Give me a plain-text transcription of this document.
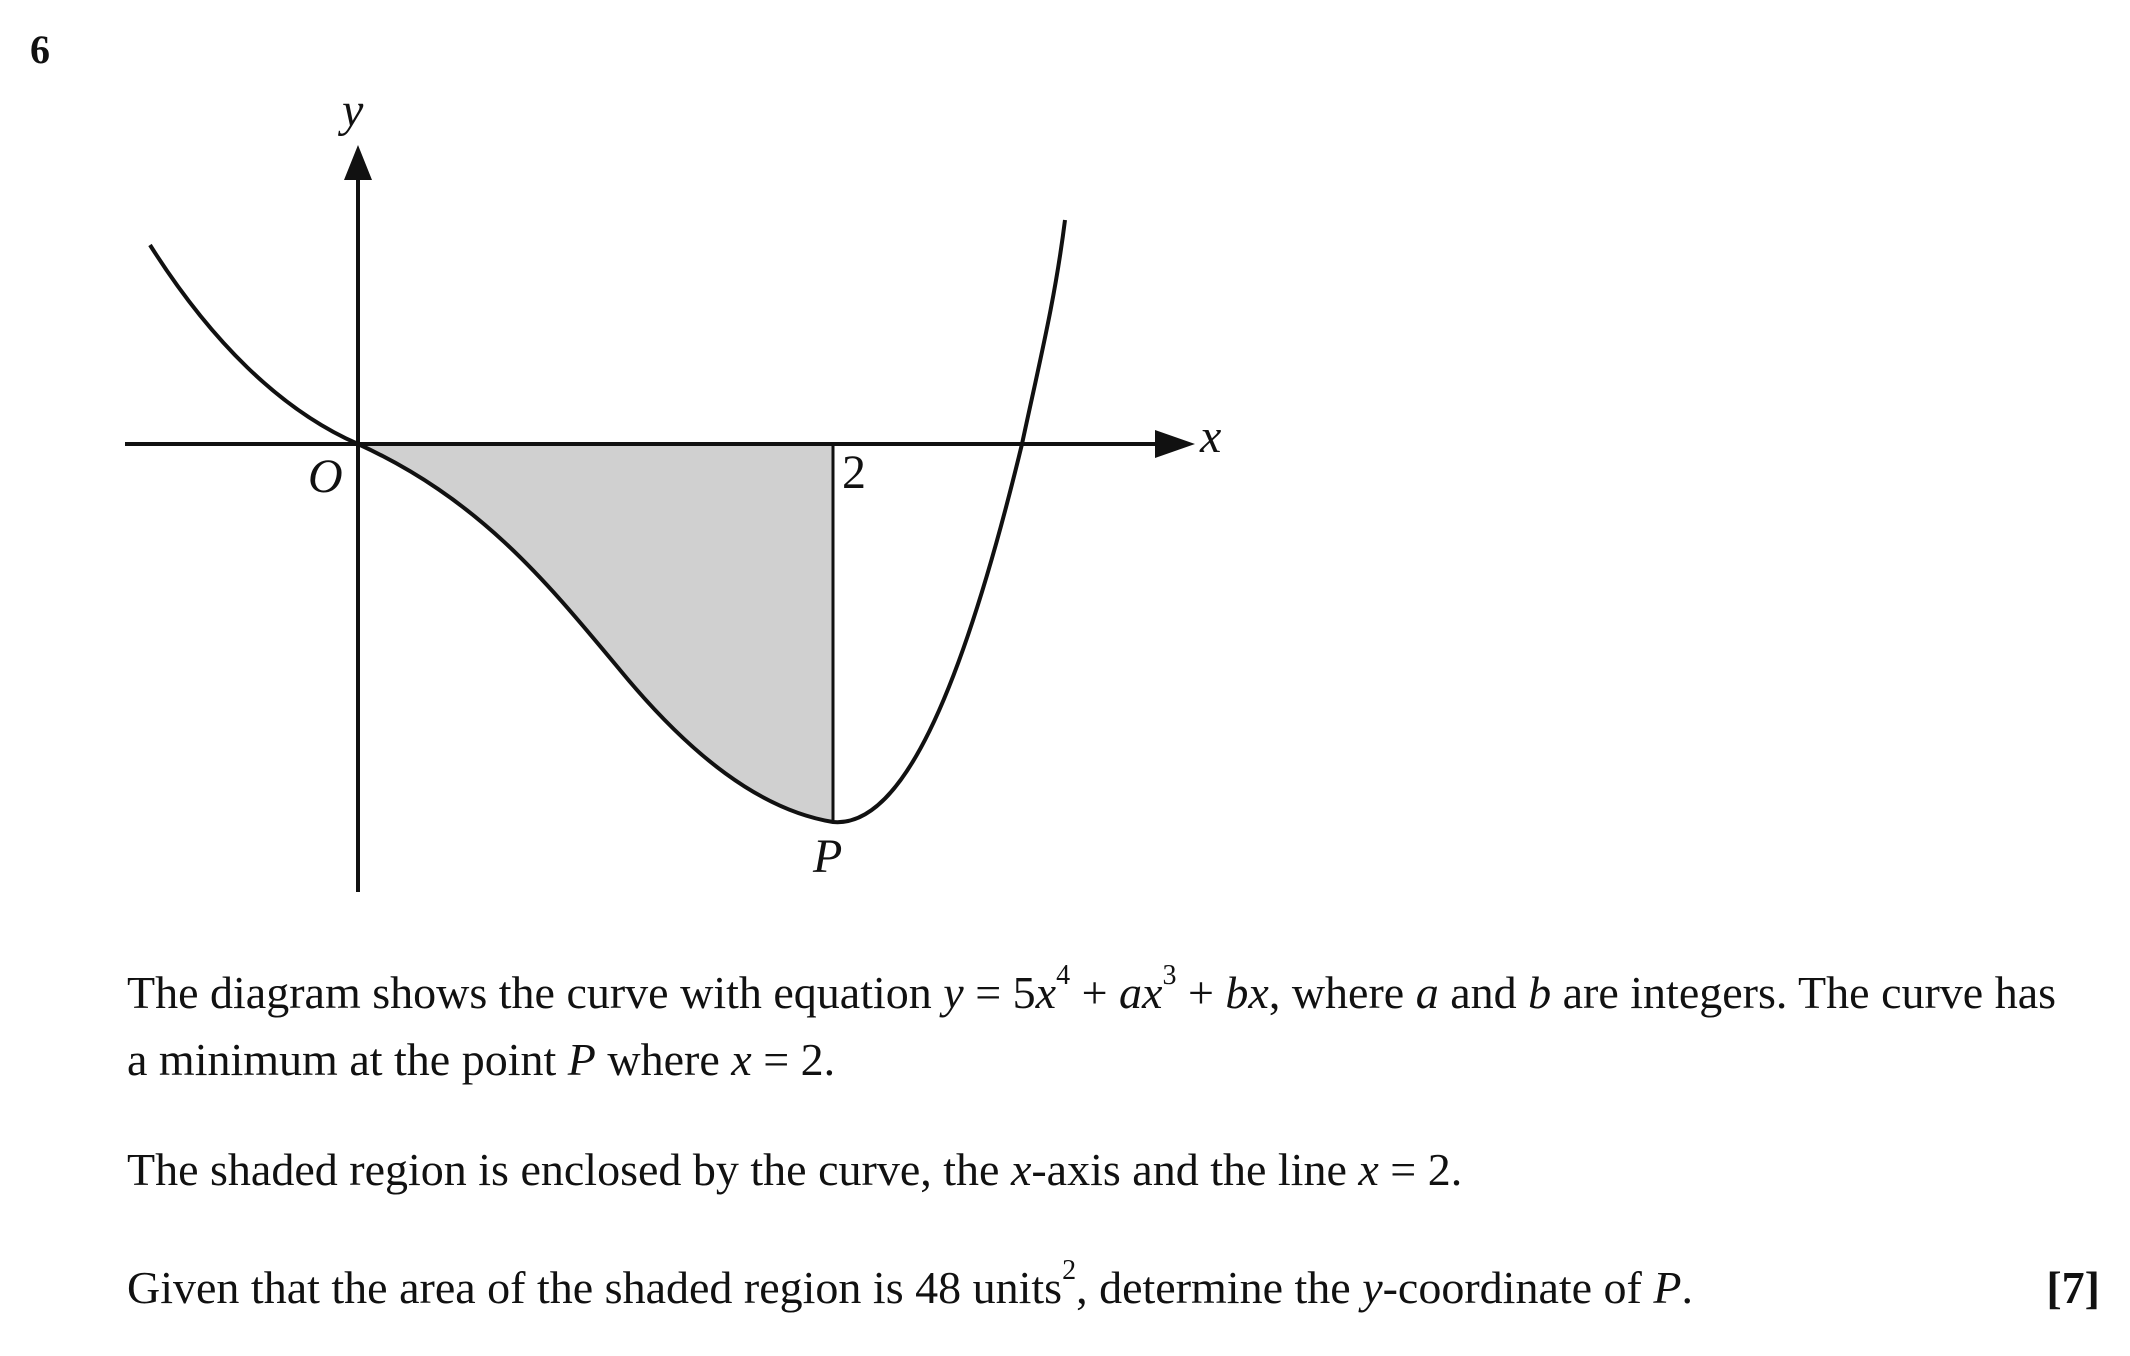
6
y
x
O	2
P

The diagram shows the curve with equation $y = 5x^4 + ax^3$ + bx, where a and b are integers. The curve has a minimum at the point P where x = 2.

The shaded region is enclosed by the curve, the x-axis and the line x = 2.

Given that the area of the shaded region is 48 units$^2$, determine the y-coordinate of P.	[7]
